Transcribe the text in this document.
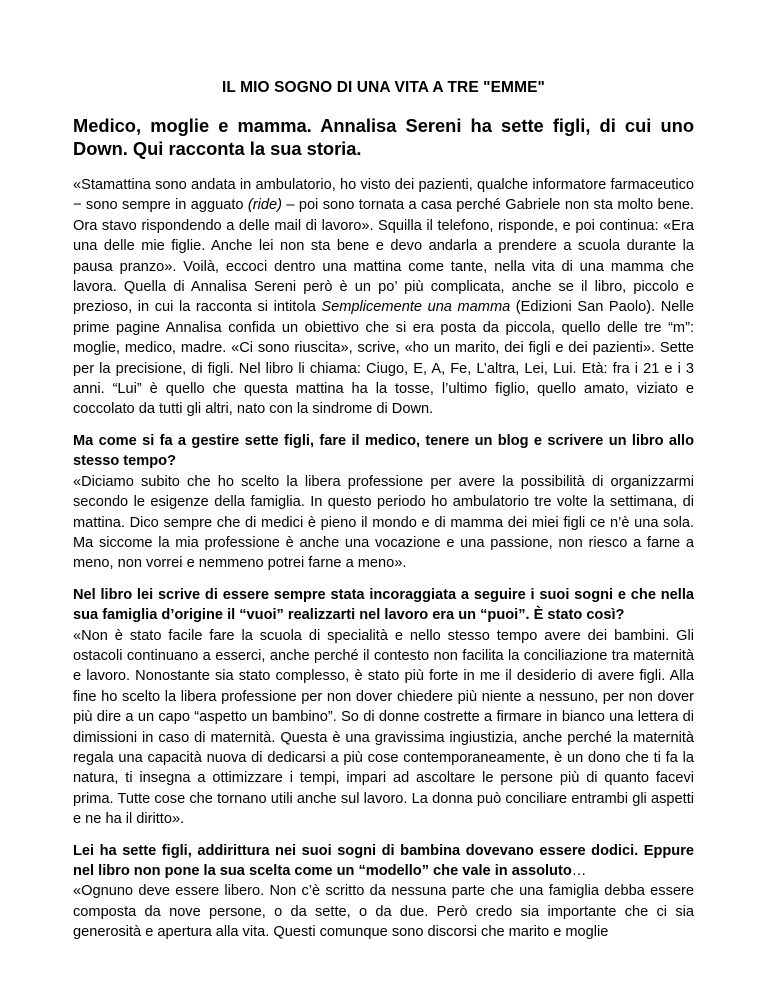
IL MIO SOGNO DI UNA VITA A TRE "EMME"
Medico, moglie e mamma. Annalisa Sereni ha sette figli, di cui uno Down. Qui racconta la sua storia.

«Stamattina sono andata in ambulatorio, ho visto dei pazienti, qualche informatore farmaceutico − sono sempre in agguato (ride) – poi sono tornata a casa perché Gabriele non sta molto bene. Ora stavo rispondendo a delle mail di lavoro». Squilla il telefono, risponde, e poi continua: «Era una delle mie figlie. Anche lei non sta bene e devo andarla a prendere a scuola durante la pausa pranzo». Voilà, eccoci dentro una mattina come tante, nella vita di una mamma che lavora. Quella di Annalisa Sereni però è un po’ più complicata, anche se il libro, piccolo e prezioso, in cui la racconta si intitola Semplicemente una mamma (Edizioni San Paolo). Nelle prime pagine Annalisa confida un obiettivo che si era posta da piccola, quello delle tre “m”: moglie, medico, madre. «Ci sono riuscita», scrive, «ho un marito, dei figli e dei pazienti». Sette per la precisione, di figli. Nel libro li chiama: Ciugo, E, A, Fe, L’altra, Lei, Lui. Età: fra i 21 e i 3 anni. “Lui” è quello che questa mattina ha la tosse, l’ultimo figlio, quello amato, viziato e coccolato da tutti gli altri, nato con la sindrome di Down.

Ma come si fa a gestire sette figli, fare il medico, tenere un blog e scrivere un libro allo stesso tempo?
«Diciamo subito che ho scelto la libera professione per avere la possibilità di organizzarmi secondo le esigenze della famiglia. In questo periodo ho ambulatorio tre volte la settimana, di mattina. Dico sempre che di medici è pieno il mondo e di mamma dei miei figli ce n’è una sola. Ma siccome la mia professione è anche una vocazione e una passione, non riesco a farne a meno, non vorrei e nemmeno potrei farne a meno».
Nel libro lei scrive di essere sempre stata incoraggiata a seguire i suoi sogni e che nella sua famiglia d’origine il “vuoi” realizzarti nel lavoro era un “puoi”. È stato così?
«Non è stato facile fare la scuola di specialità e nello stesso tempo avere dei bambini. Gli ostacoli continuano a esserci, anche perché il contesto non facilita la conciliazione tra maternità e lavoro. Nonostante sia stato complesso, è stato più forte in me il desiderio di avere figli. Alla fine ho scelto la libera professione per non dover chiedere più niente a nessuno, per non dover più dire a un capo “aspetto un bambino”. So di donne costrette a firmare in bianco una lettera di dimissioni in caso di maternità. Questa è una gravissima ingiustizia, anche perché la maternità regala una capacità nuova di dedicarsi a più cose contemporaneamente, è un dono che ti fa la natura, ti insegna a ottimizzare i tempi, impari ad ascoltare le persone più di quanto facevi prima. Tutte cose che tornano utili anche sul lavoro. La donna può conciliare entrambi gli aspetti e ne ha il diritto».
Lei ha sette figli, addirittura nei suoi sogni di bambina dovevano essere dodici. Eppure nel libro non pone la sua scelta come un “modello” che vale in assoluto…
«Ognuno deve essere libero. Non c’è scritto da nessuna parte che una famiglia debba essere composta da nove persone, o da sette, o da due. Però credo sia importante che ci sia generosità e apertura alla vita. Questi comunque sono discorsi che marito e moglie
